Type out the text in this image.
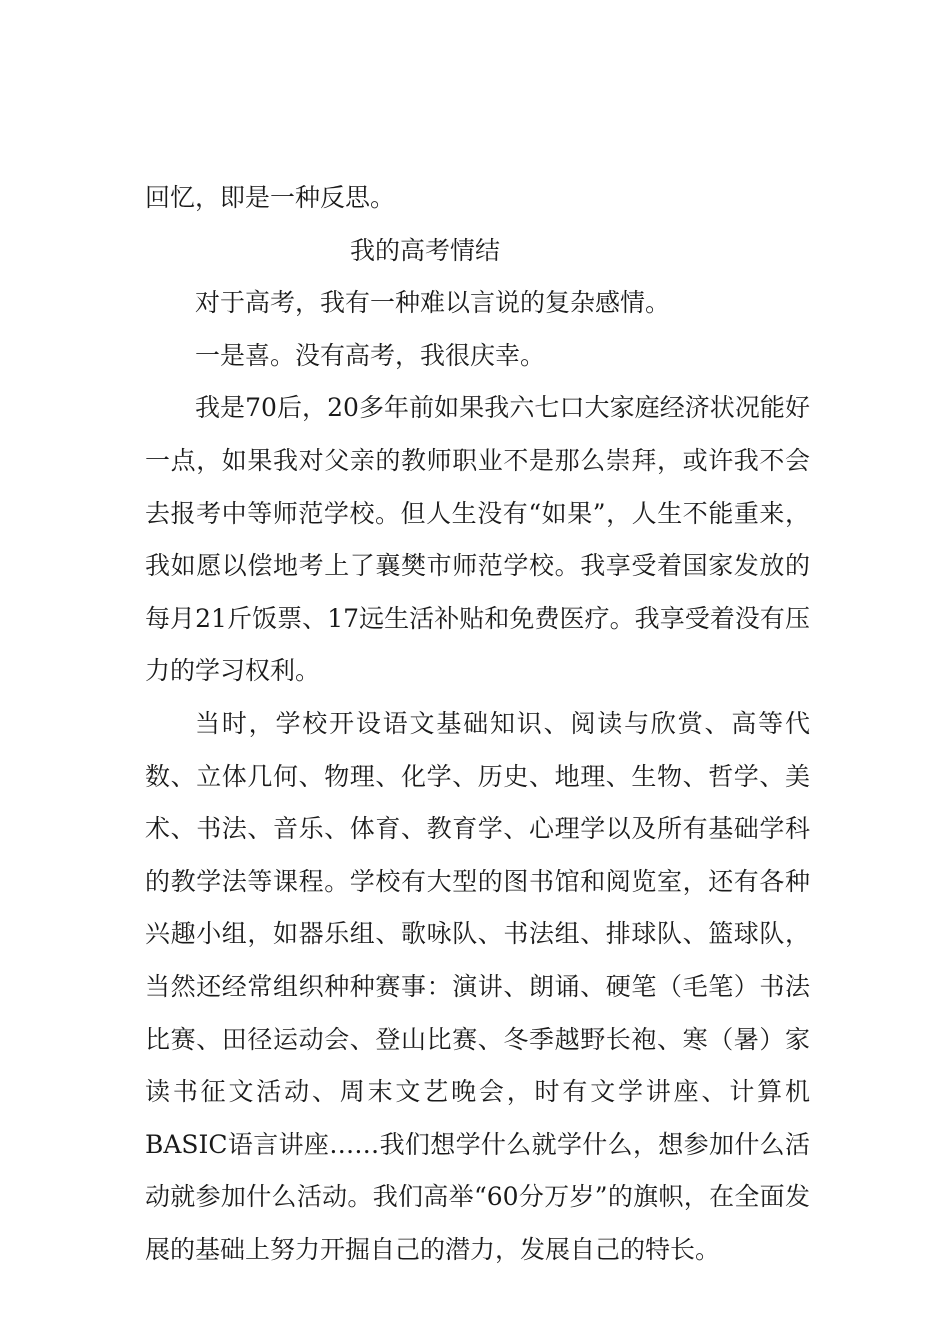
回忆，即是一种反思。

我的高考情结

对于高考，我有一种难以言说的复杂感情。

一是喜。没有高考，我很庆幸。

我是70后，20多年前如果我六七口大家庭经济状况能好一点，如果我对父亲的教师职业不是那么崇拜，或许我不会去报考中等师范学校。但人生没有“如果”，人生不能重来，我如愿以偿地考上了襄樊市师范学校。我享受着国家发放的每月21斤饭票、17远生活补贴和免费医疗。我享受着没有压力的学习权利。

当时，学校开设语文基础知识、阅读与欣赏、高等代数、立体几何、物理、化学、历史、地理、生物、哲学、美术、书法、音乐、体育、教育学、心理学以及所有基础学科的教学法等课程。学校有大型的图书馆和阅览室，还有各种兴趣小组，如器乐组、歌咏队、书法组、排球队、篮球队，当然还经常组织种种赛事：演讲、朗诵、硬笔（毛笔）书法比赛、田径运动会、登山比赛、冬季越野长袍、寒（暑）家读书征文活动、周末文艺晚会，时有文学讲座、计算机BASIC语言讲座……我们想学什么就学什么，想参加什么活动就参加什么活动。我们高举“60分万岁”的旗帜，在全面发展的基础上努力开掘自己的潜力，发展自己的特长。
